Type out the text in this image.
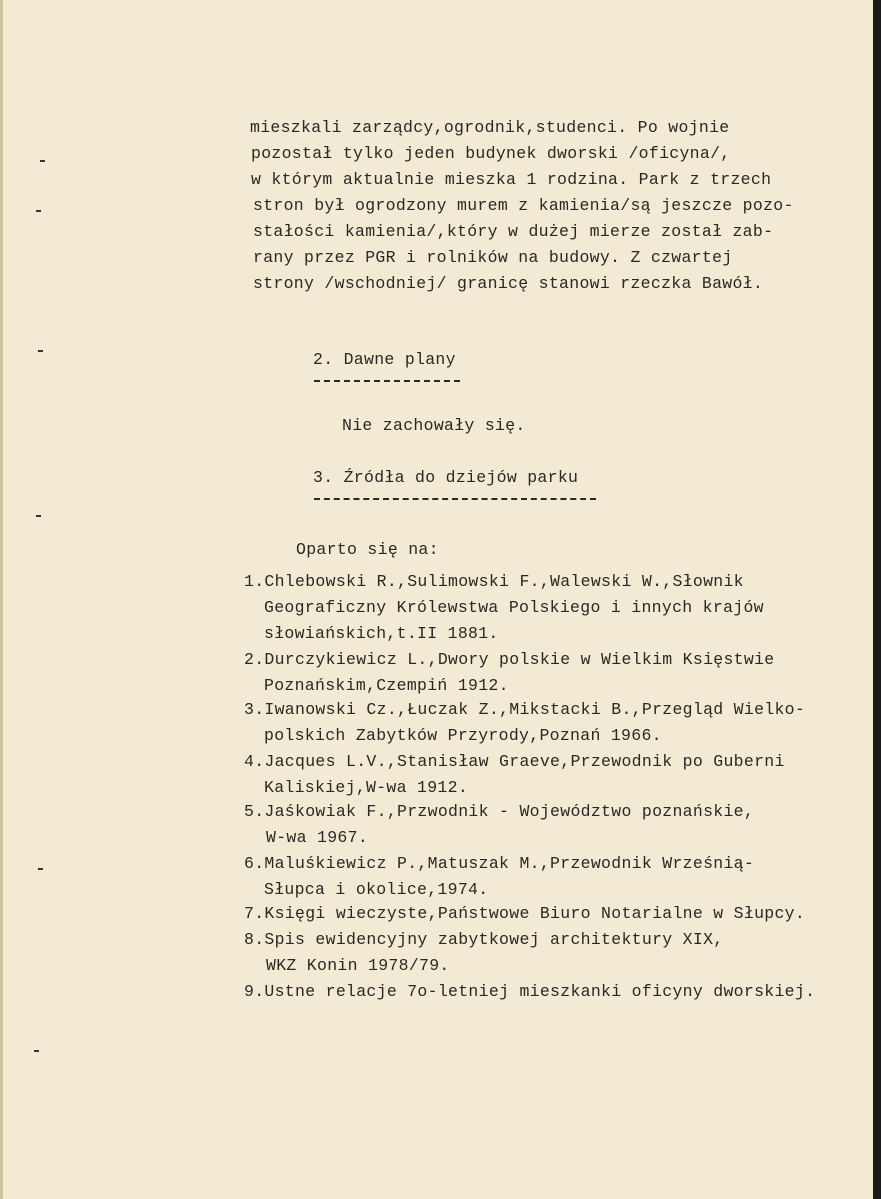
mieszkali zarządcy,ogrodnik,studenci. Po wojnie

pozostał tylko jeden budynek dworski /oficyna/,

w którym aktualnie mieszka 1 rodzina. Park z trzech

stron był ogrodzony murem z kamienia/są jeszcze pozo-

stałości kamienia/,który w dużej mierze został zab-

rany przez PGR i rolników na budowy. Z czwartej

strony /wschodniej/ granicę stanowi rzeczka Bawół.

2. Dawne plany

Nie zachowały się.

3. Źródła do dziejów parku

Oparto się na:

1.Chlebowski R.,Sulimowski F.,Walewski W.,Słownik

Geograficzny Królewstwa Polskiego i innych krajów

słowiańskich,t.II 1881.

2.Durczykiewicz L.,Dwory polskie w Wielkim Księstwie

Poznańskim,Czempiń 1912.

3.Iwanowski Cz.,Łuczak Z.,Mikstacki B.,Przegląd Wielko-

polskich Zabytków Przyrody,Poznań 1966.

4.Jacques L.V.,Stanisław Graeve,Przewodnik po Guberni

Kaliskiej,W-wa 1912.

5.Jaśkowiak F.,Przwodnik - Województwo poznańskie,

W-wa 1967.

6.Maluśkiewicz P.,Matuszak M.,Przewodnik Wrześnią-

Słupca i okolice,1974.

7.Księgi wieczyste,Państwowe Biuro Notarialne w Słupcy.

8.Spis ewidencyjny zabytkowej architektury XIX,

WKZ Konin 1978/79.

9.Ustne relacje 7o-letniej mieszkanki oficyny dworskiej.
